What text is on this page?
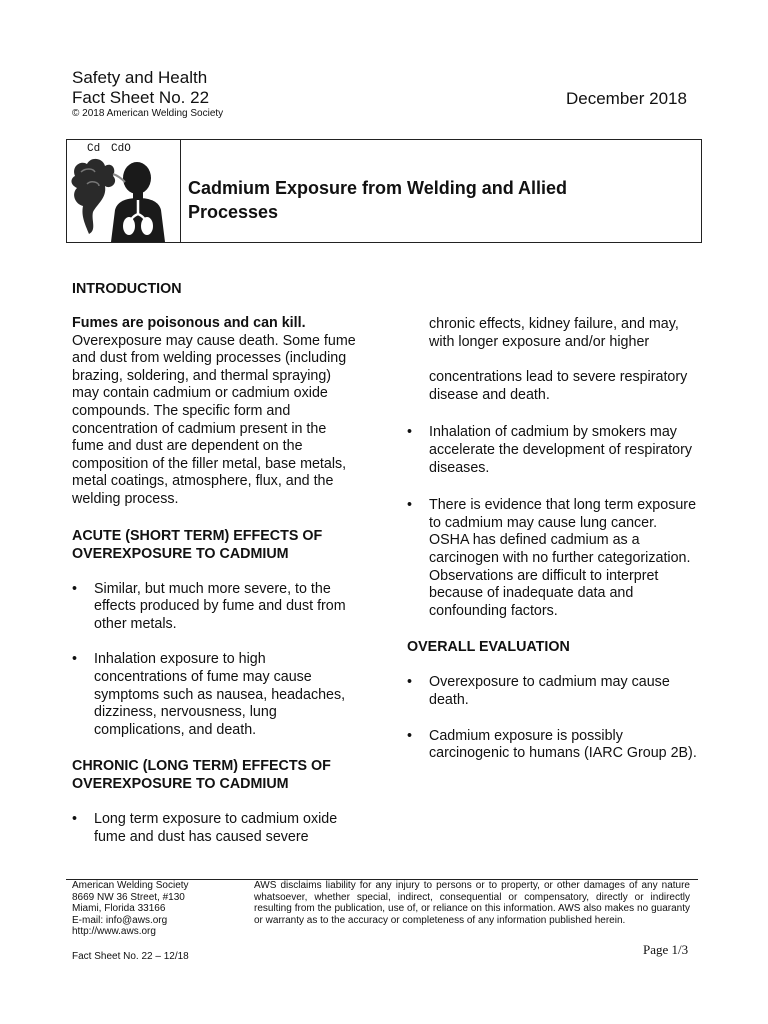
Safety and Health
Fact Sheet No. 22
© 2018 American Welding Society
December 2018
Cd CdO
Cadmium Exposure from Welding and Allied Processes
INTRODUCTION

Fumes are poisonous and can kill.
Overexposure may cause death. Some fume and dust from welding processes (including brazing, soldering, and thermal spraying) may contain cadmium or cadmium oxide compounds. The specific form and concentration of cadmium present in the fume and dust are dependent on the composition of the filler metal, base metals, metal coatings, atmosphere, flux, and the welding process.

ACUTE (SHORT TERM) EFFECTS OF OVEREXPOSURE TO CADMIUM
• Similar, but much more severe, to the effects produced by fume and dust from other metals.
• Inhalation exposure to high concentrations of fume may cause symptoms such as nausea, headaches, dizziness, nervousness, lung complications, and death.
CHRONIC (LONG TERM) EFFECTS OF OVEREXPOSURE TO CADMIUM
• Long term exposure to cadmium oxide fume and dust has caused severe

chronic effects, kidney failure, and may, with longer exposure and/or higher

concentrations lead to severe respiratory disease and death.

• Inhalation of cadmium by smokers may accelerate the development of respiratory diseases.
• There is evidence that long term exposure to cadmium may cause lung cancer. OSHA has defined cadmium as a carcinogen with no further categorization. Observations are difficult to interpret because of inadequate data and confounding factors.
OVERALL EVALUATION
• Overexposure to cadmium may cause death.
• Cadmium exposure is possibly carcinogenic to humans (IARC Group 2B).
American Welding Society
8669 NW 36 Street, #130
Miami, Florida 33166
E-mail: info@aws.org
http://www.aws.org
AWS disclaims liability for any injury to persons or to property, or other damages of any nature whatsoever, whether special, indirect, consequential or compensatory, directly or indirectly resulting from the publication, use of, or reliance on this information. AWS also makes no guaranty or warranty as to the accuracy or completeness of any information published herein.
Fact Sheet No. 22 – 12/18	Page 1/3
